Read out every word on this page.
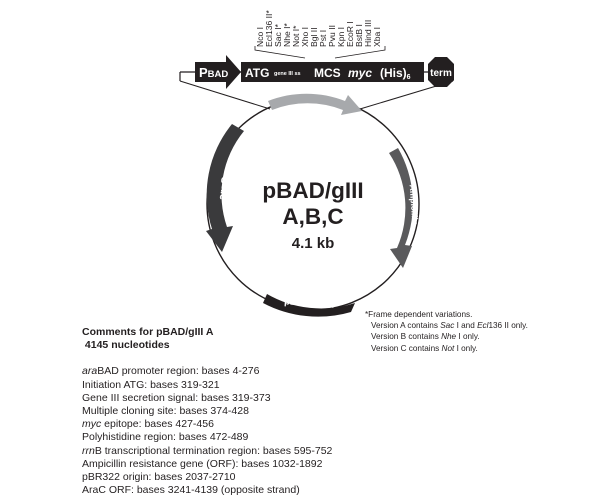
Nco I Ecl136 II* Sac I* Nhe I* Not I* Xho I Bgl II Pst I Pvu II Kpn I EcoR I BstB I Hind III Xba I
PBAD ATG gene III ss MCS myc (His)6 term
araC	Ampicillin
pBR322 ori
pBAD/gIII
A,B,C
4.1 kb
*Frame dependent variations.
Version A contains Sac I and Ecl136 II only.
Version B contains Nhe I only.
Version C contains Not I only.
Comments for pBAD/gIII A
4145 nucleotides
araBAD promoter region: bases 4-276
Initiation ATG: bases 319-321
Gene III secretion signal: bases 319-373
Multiple cloning site: bases 374-428
myc epitope: bases 427-456
Polyhistidine region: bases 472-489
rrnB transcriptional termination region: bases 595-752
Ampicillin resistance gene (ORF): bases 1032-1892
pBR322 origin: bases 2037-2710
AraC ORF: bases 3241-4139 (opposite strand)
